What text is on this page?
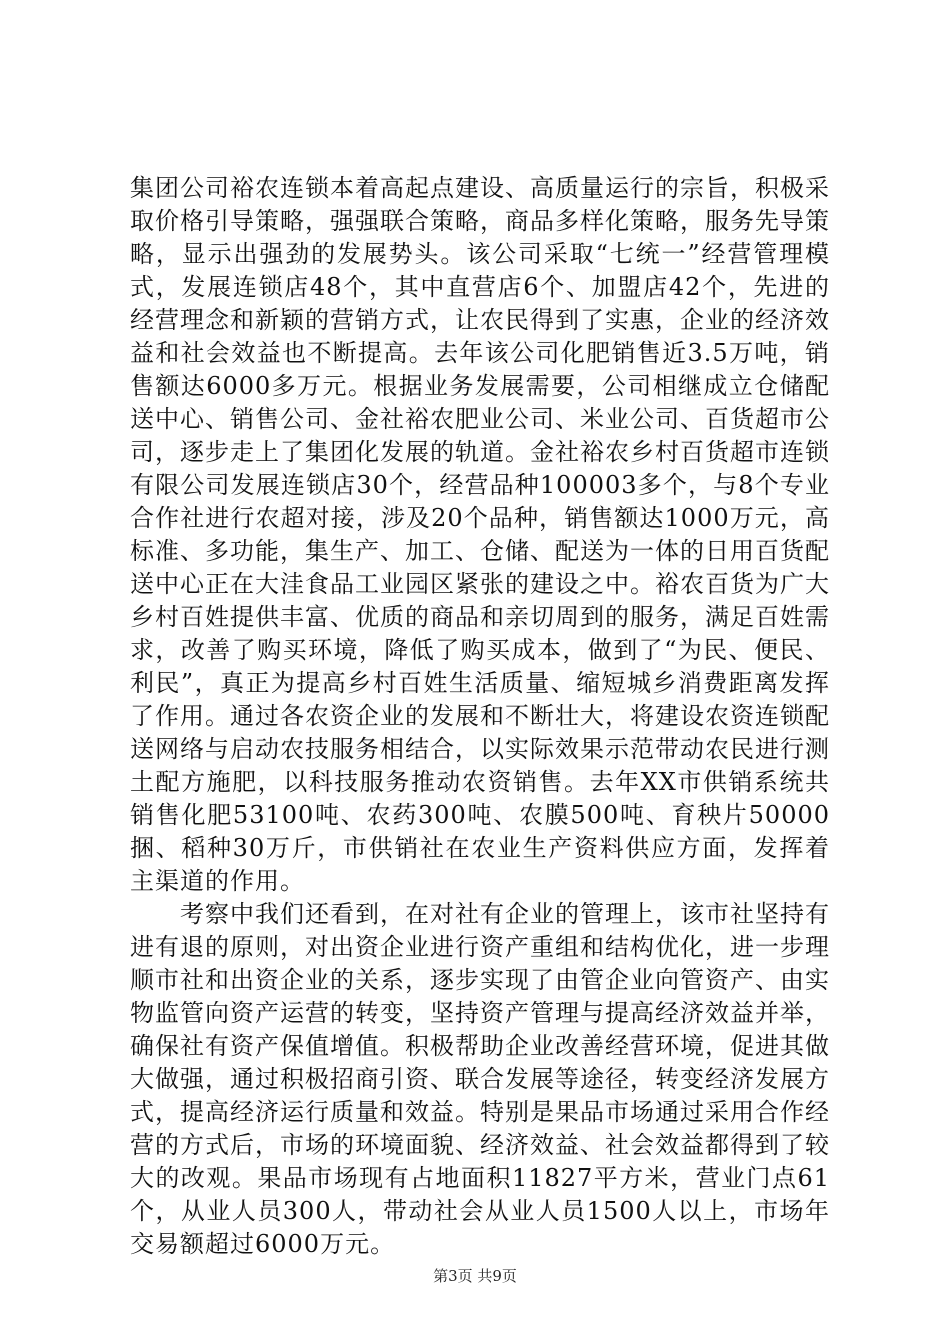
集团公司裕农连锁本着高起点建设、高质量运行的宗旨，积极采取价格引导策略，强强联合策略，商品多样化策略，服务先导策略，显示出强劲的发展势头。该公司采取“七统一”经营管理模式，发展连锁店48个，其中直营店6个、加盟店42个，先进的经营理念和新颖的营销方式，让农民得到了实惠，企业的经济效益和社会效益也不断提高。去年该公司化肥销售近3.5万吨，销售额达6000多万元。根据业务发展需要，公司相继成立仓储配送中心、销售公司、金社裕农肥业公司、米业公司、百货超市公司，逐步走上了集团化发展的轨道。金社裕农乡村百货超市连锁有限公司发展连锁店30个，经营品种100003多个，与8个专业合作社进行农超对接，涉及20个品种，销售额达1000万元，高标准、多功能，集生产、加工、仓储、配送为一体的日用百货配送中心正在大洼食品工业园区紧张的建设之中。裕农百货为广大乡村百姓提供丰富、优质的商品和亲切周到的服务，满足百姓需求，改善了购买环境，降低了购买成本，做到了“为民、便民、利民”，真正为提高乡村百姓生活质量、缩短城乡消费距离发挥了作用。通过各农资企业的发展和不断壮大，将建设农资连锁配送网络与启动农技服务相结合，以实际效果示范带动农民进行测土配方施肥，以科技服务推动农资销售。去年XX市供销系统共销售化肥53100吨、农药300吨、农膜500吨、育秧片50000捆、稻种30万斤，市供销社在农业生产资料供应方面，发挥着主渠道的作用。

考察中我们还看到，在对社有企业的管理上，该市社坚持有进有退的原则，对出资企业进行资产重组和结构优化，进一步理顺市社和出资企业的关系，逐步实现了由管企业向管资产、由实物监管向资产运营的转变，坚持资产管理与提高经济效益并举，确保社有资产保值增值。积极帮助企业改善经营环境，促进其做大做强，通过积极招商引资、联合发展等途径，转变经济发展方式，提高经济运行质量和效益。特别是果品市场通过采用合作经营的方式后，市场的环境面貌、经济效益、社会效益都得到了较大的改观。果品市场现有占地面积11827平方米，营业门点61个，从业人员300人，带动社会从业人员1500人以上，市场年交易额超过6000万元。

第3页 共9页
